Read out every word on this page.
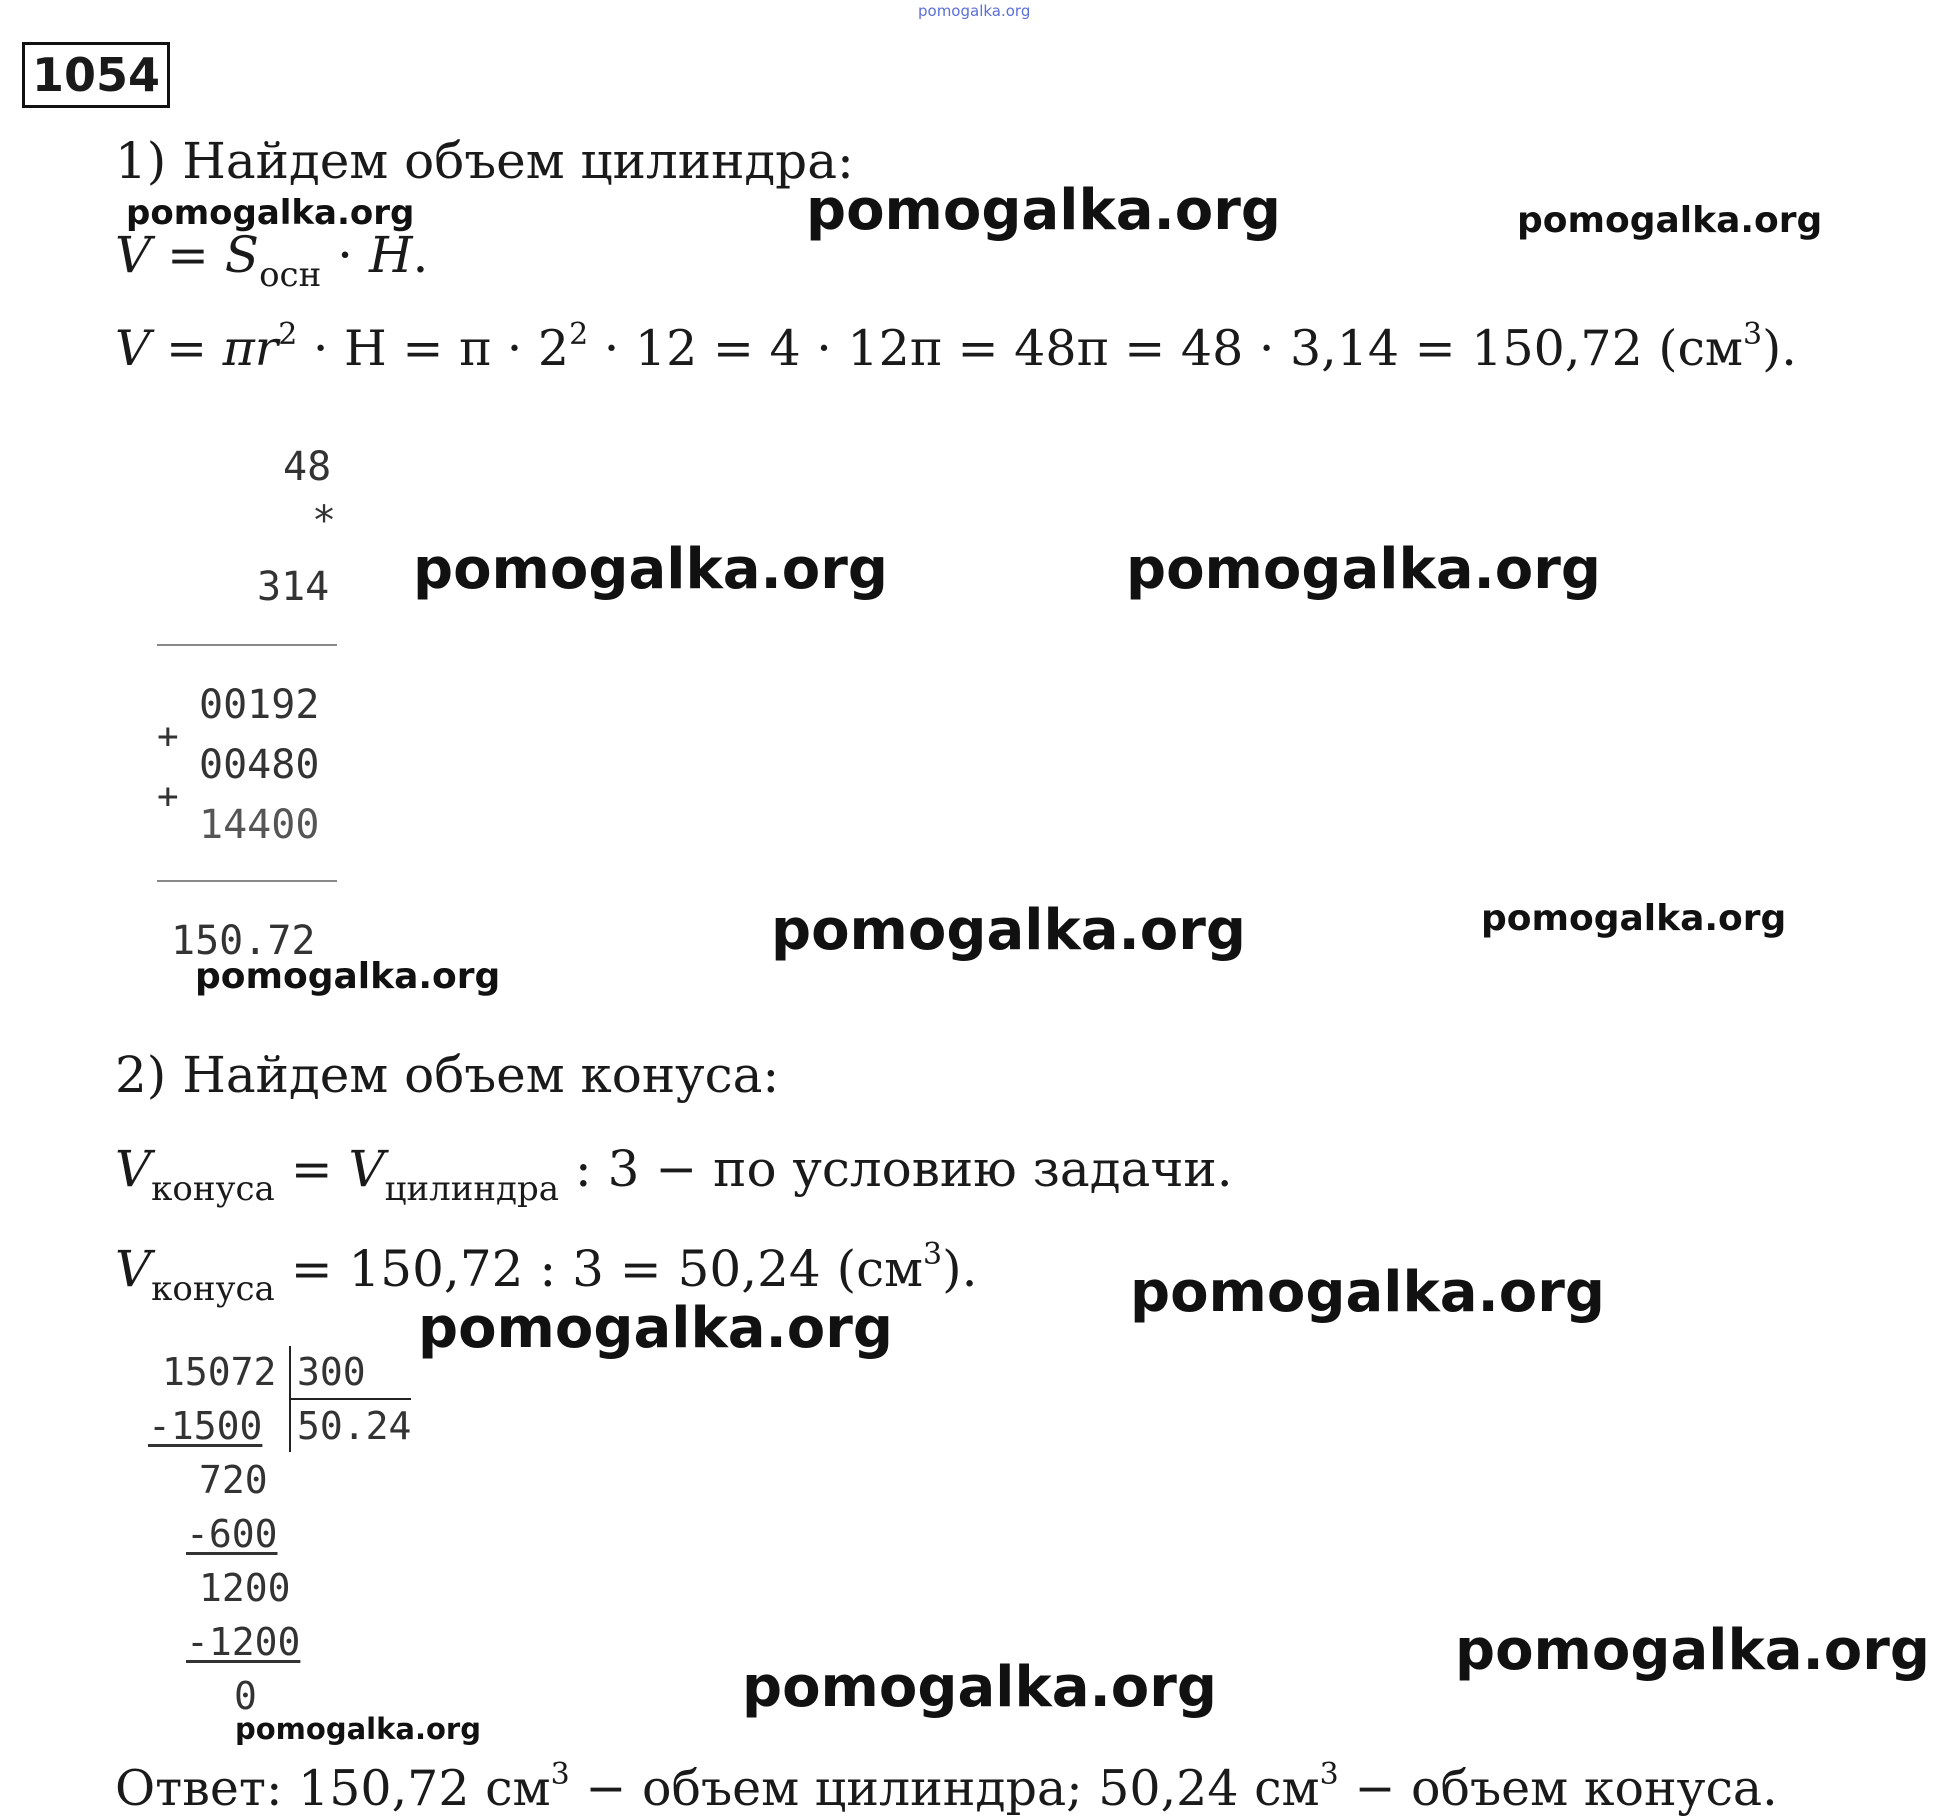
pomogalka.org
1054
1) Найдем объем цилиндра:
$V = S_{осн} \cdot H$.
$V = \pi r^2 \cdot H = \pi \cdot 2^2 \cdot 12 = 4 \cdot 12\pi = 48\pi = 48 \cdot 3,14 = 150,72$ $(см^3)$.
48
*
314
00192
+
00480
+
14400
150.72
2) Найдем объем конуса:
$V_{конуса} = V_{цилиндра}$ : 3 − по условию задачи.
$V_{конуса} = 150,72$ : 3 = 50,24 $(см^3)$.
15072 300
50.24
-1500
720
-600
1200
-1200
0
Ответ: 150,72 $см^3$ − объем цилиндра; 50,24 $см^3$ − объем конуса.
pomogalka.org	pomogalka.org	pomogalka.org
pomogalka.org	pomogalka.org
pomogalka.org	pomogalka.org
pomogalka.org
pomogalka.org
pomogalka.org
pomogalka.org
pomogalka.org
pomogalka.org
